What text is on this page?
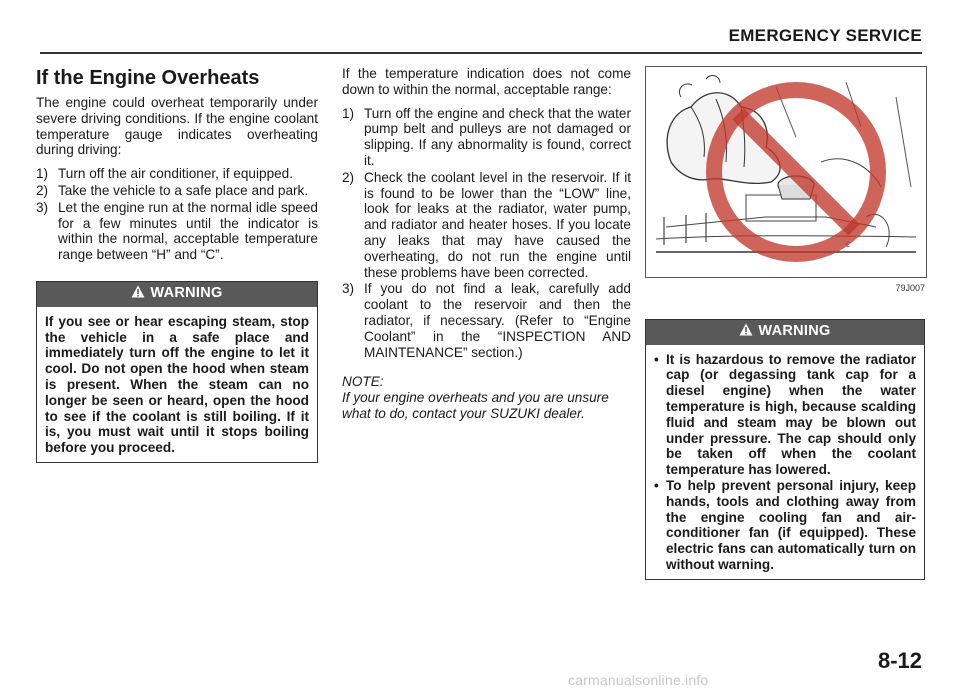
EMERGENCY SERVICE
If the Engine Overheats

The engine could overheat temporarily under severe driving conditions. If the engine coolant temperature gauge indicates overheating during driving:

1) Turn off the air conditioner, if equipped.
2) Take the vehicle to a safe place and park.
3) Let the engine run at the normal idle speed for a few minutes until the indicator is within the normal, acceptable temperature range between “H” and “C”.
WARNING

If you see or hear escaping steam, stop the vehicle in a safe place and immediately turn off the engine to let it cool. Do not open the hood when steam is present. When the steam can no longer be seen or heard, open the hood to see if the coolant is still boiling. If it is, you must wait until it stops boiling before you proceed.

If the temperature indication does not come down to within the normal, acceptable range:

1) Turn off the engine and check that the water pump belt and pulleys are not damaged or slipping. If any abnormality is found, correct it.
2) Check the coolant level in the reservoir. If it is found to be lower than the “LOW” line, look for leaks at the radiator, water pump, and radiator and heater hoses. If you locate any leaks that may have caused the overheating, do not run the engine until these problems have been corrected.
3) If you do not find a leak, carefully add coolant to the reservoir and then the radiator, if necessary. (Refer to “Engine Coolant” in the “INSPECTION AND MAINTENANCE” section.)

NOTE:

If your engine overheats and you are unsure what to do, contact your SUZUKI dealer.

c
79J007
WARNING
• It is hazardous to remove the radiator cap (or degassing tank cap for a diesel engine) when the water temperature is high, because scalding fluid and steam may be blown out under pressure. The cap should only be taken off when the coolant temperature has lowered.
• To help prevent personal injury, keep hands, tools and clothing away from the engine cooling fan and air-conditioner fan (if equipped). These electric fans can automatically turn on without warning.
8-12
carmanualsonline.info
